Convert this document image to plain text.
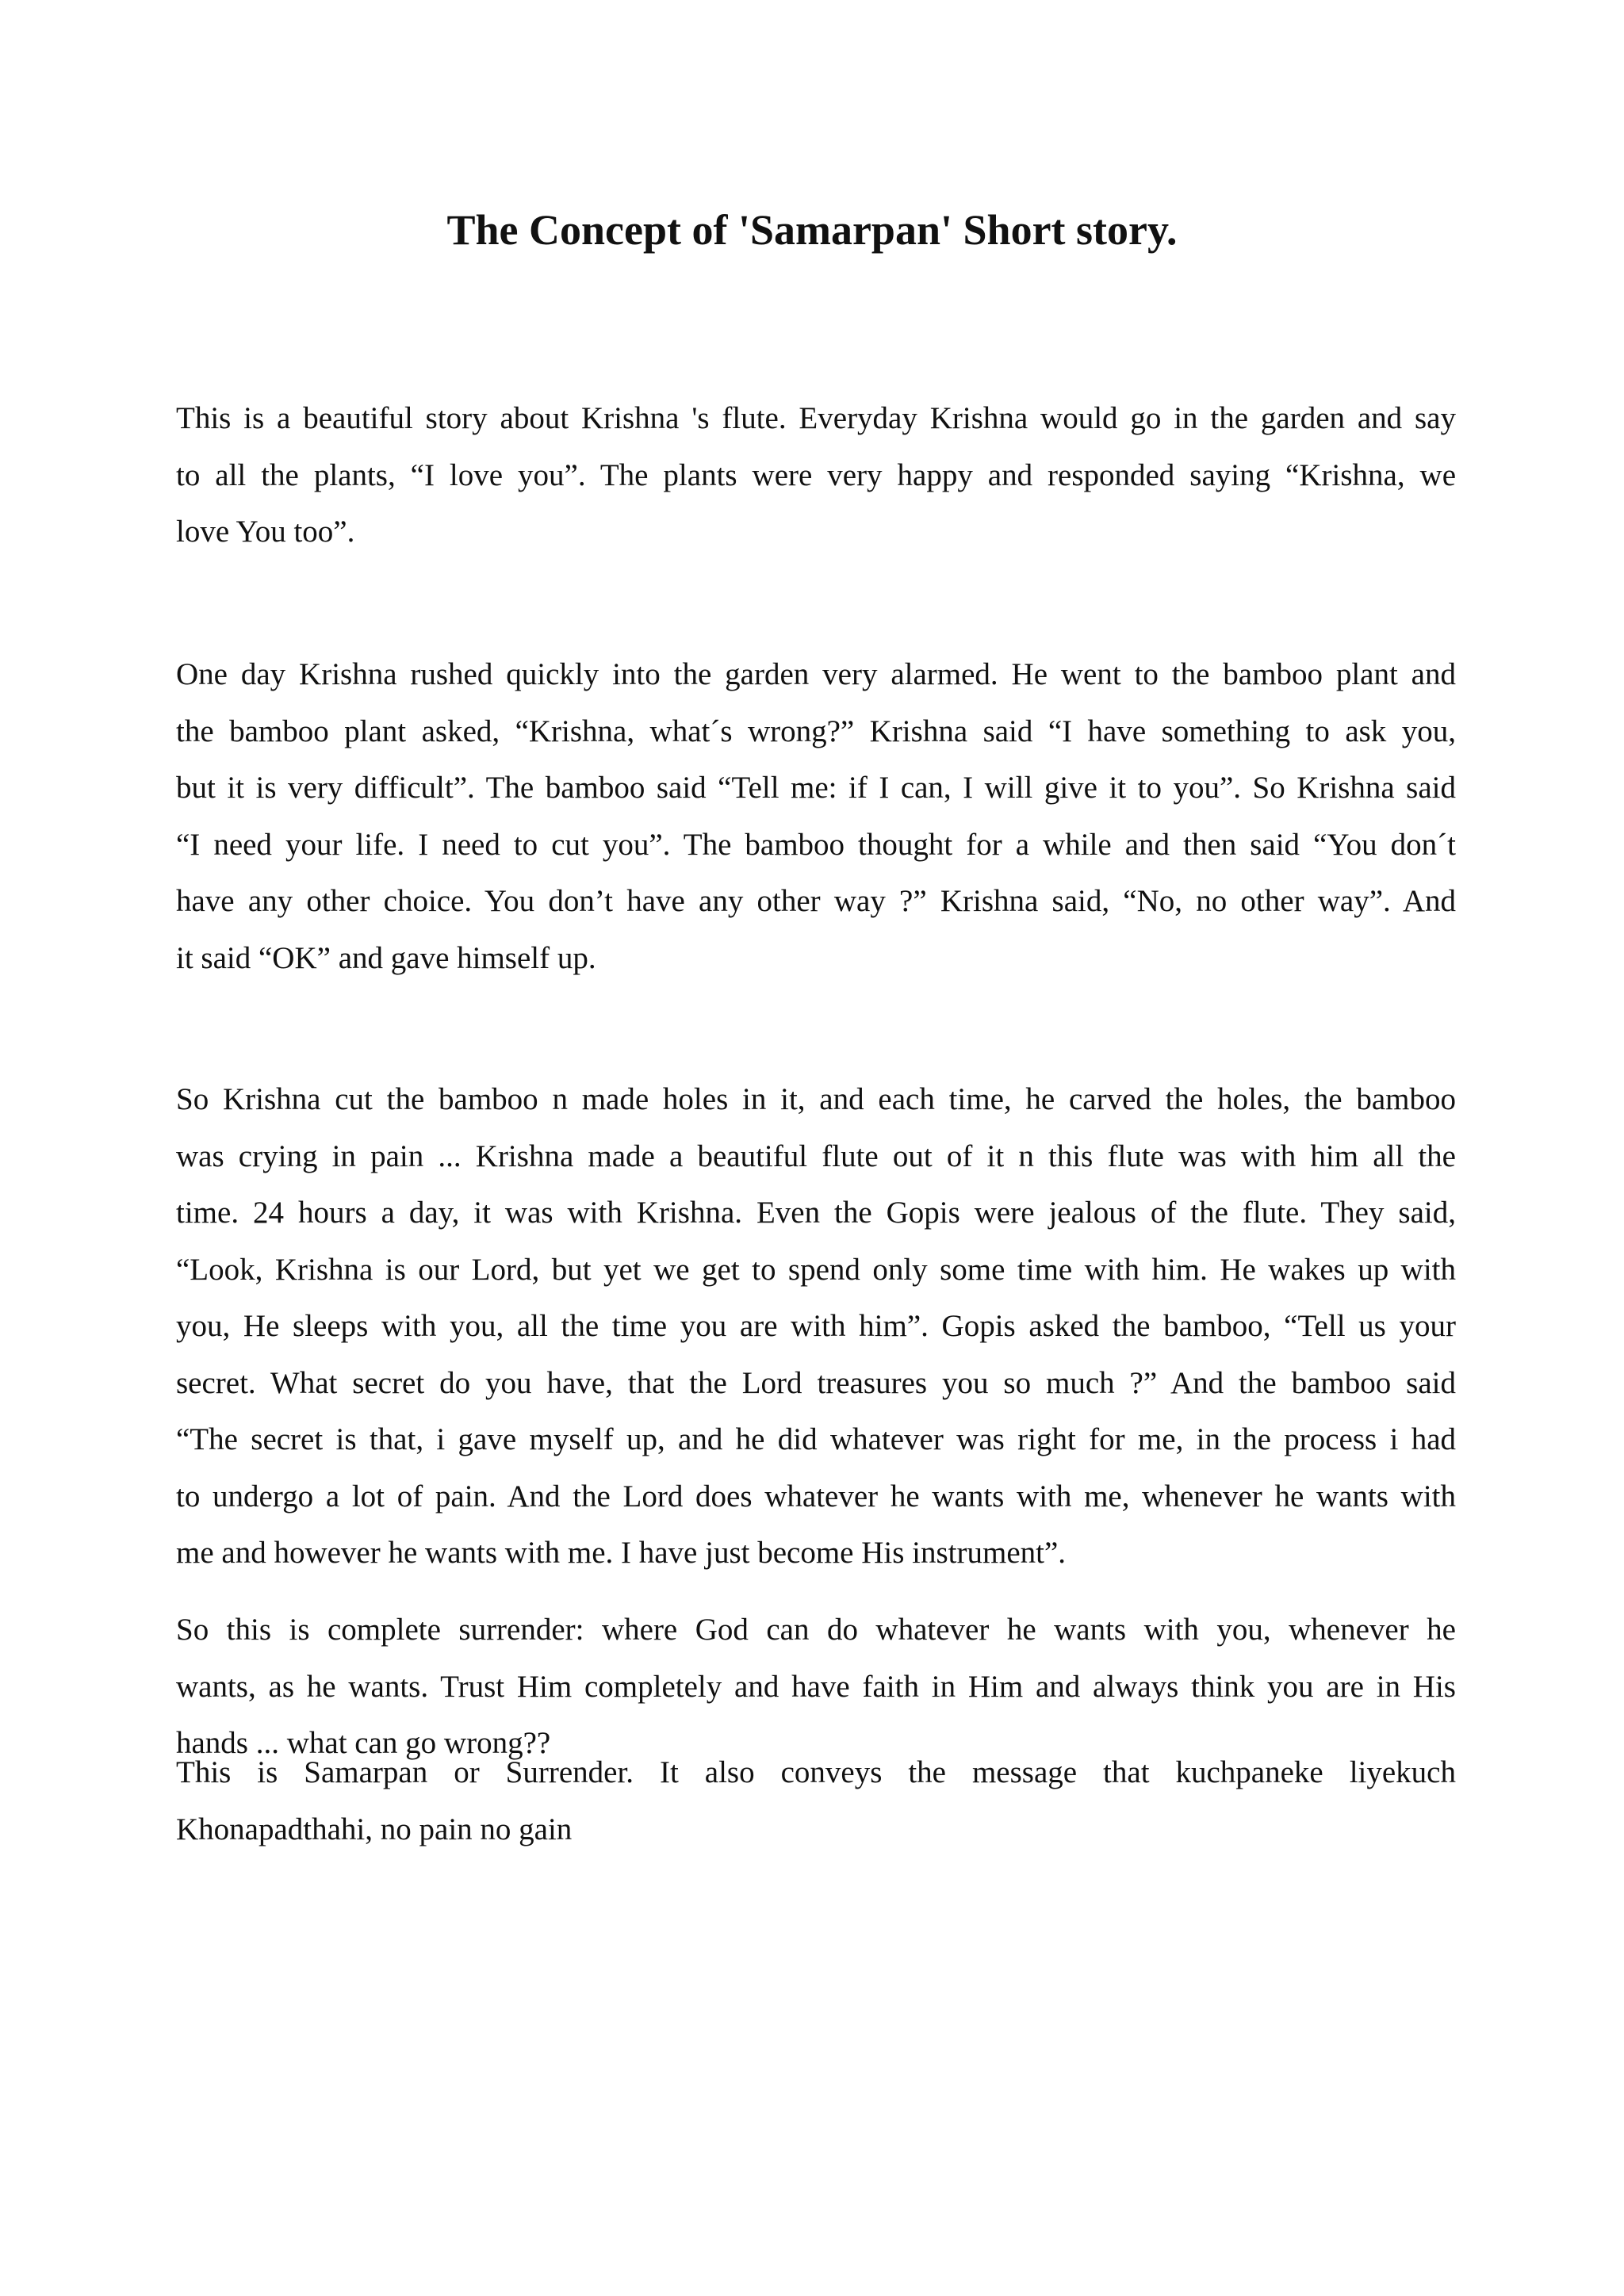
The Concept of 'Samarpan' Short story.

This is a beautiful story about Krishna 's flute. Everyday Krishna would go in the garden and say
to all the plants, “I love you”. The plants were very happy and responded saying “Krishna, we
love You too”.

One day Krishna rushed quickly into the garden very alarmed. He went to the bamboo plant and
the bamboo plant asked, “Krishna, what´s wrong?” Krishna said “I have something to ask you,
but it is very difficult”. The bamboo said “Tell me: if I can, I will give it to you”. So Krishna said
“I need your life. I need to cut you”. The bamboo thought for a while and then said “You don´t
have any other choice. You don’t have any other way ?” Krishna said, “No, no other way”. And
it said “OK” and gave himself up.

So Krishna cut the bamboo n made holes in it, and each time, he carved the holes, the bamboo
was crying in pain ... Krishna made a beautiful flute out of it n this flute was with him all the
time. 24 hours a day, it was with Krishna. Even the Gopis were jealous of the flute. They said,
“Look, Krishna is our Lord, but yet we get to spend only some time with him. He wakes up with
you, He sleeps with you, all the time you are with him”. Gopis asked the bamboo, “Tell us your
secret. What secret do you have, that the Lord treasures you so much ?” And the bamboo said
“The secret is that, i gave myself up, and he did whatever was right for me, in the process i had
to undergo a lot of pain. And the Lord does whatever he wants with me, whenever he wants with
me and however he wants with me. I have just become His instrument”.

So this is complete surrender: where God can do whatever he wants with you, whenever he
wants, as he wants. Trust Him completely and have faith in Him and always think you are in His
hands ... what can go wrong??

This is Samarpan or Surrender. It also conveys the message that kuchpaneke liyekuch
Khonapadthahi, no pain no gain
